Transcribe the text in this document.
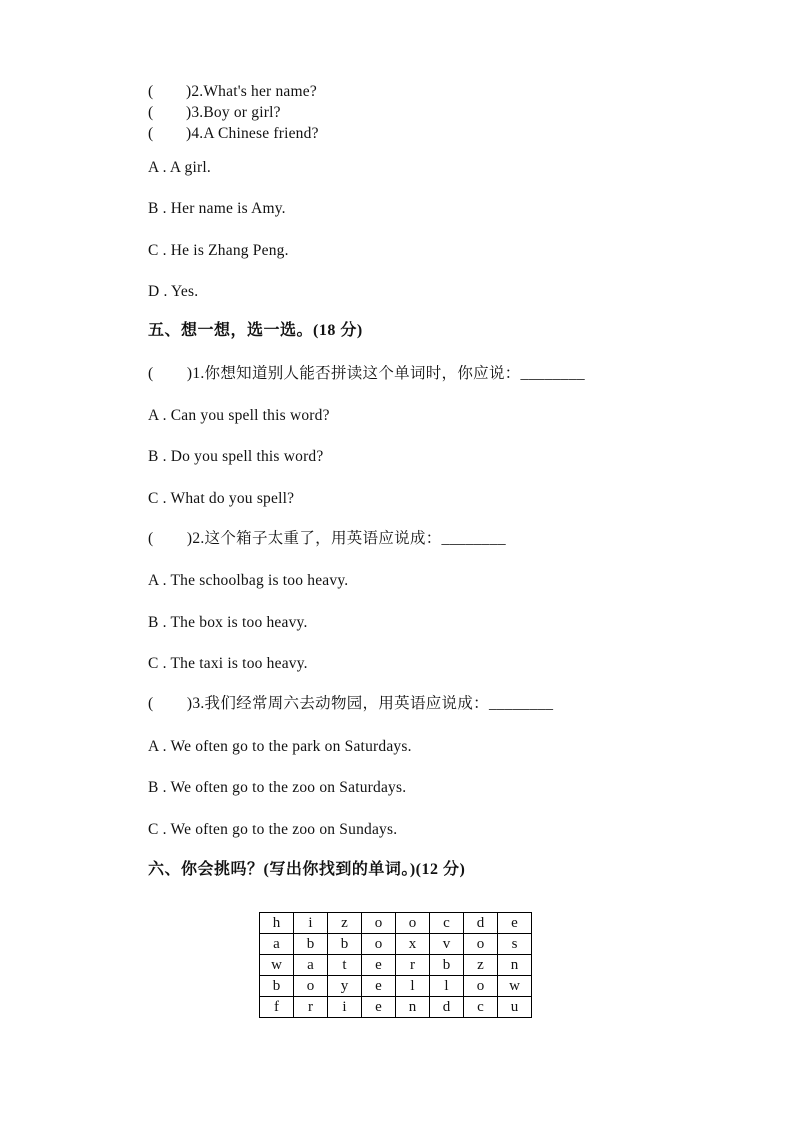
(        )2.What's her name?
(        )3.Boy or girl?
(        )4.A Chinese friend?
A . A girl.
B . Her name is Amy.
C . He is Zhang Peng.
D . Yes.
五、想一想，选一选。(18 分)
(        )1.你想知道别人能否拼读这个单词时，你应说：________
A . Can you spell this word?
B . Do you spell this word?
C . What do you spell?
(        )2.这个箱子太重了，用英语应说成：________
A . The schoolbag is too heavy.
B . The box is too heavy.
C . The taxi is too heavy.
(        )3.我们经常周六去动物园，用英语应说成：________
A . We often go to the park on Saturdays.
B . We often go to the zoo on Saturdays.
C . We often go to the zoo on Sundays.
六、你会挑吗？(写出你找到的单词。)(12 分)
h	i	z	o	o	c	d	e
a	b	b	o	x	v	o	s
w	a	t	e	r	b	z	n
b	o	y	e	l	l	o	w
f	r	i	e	n	d	c	u
